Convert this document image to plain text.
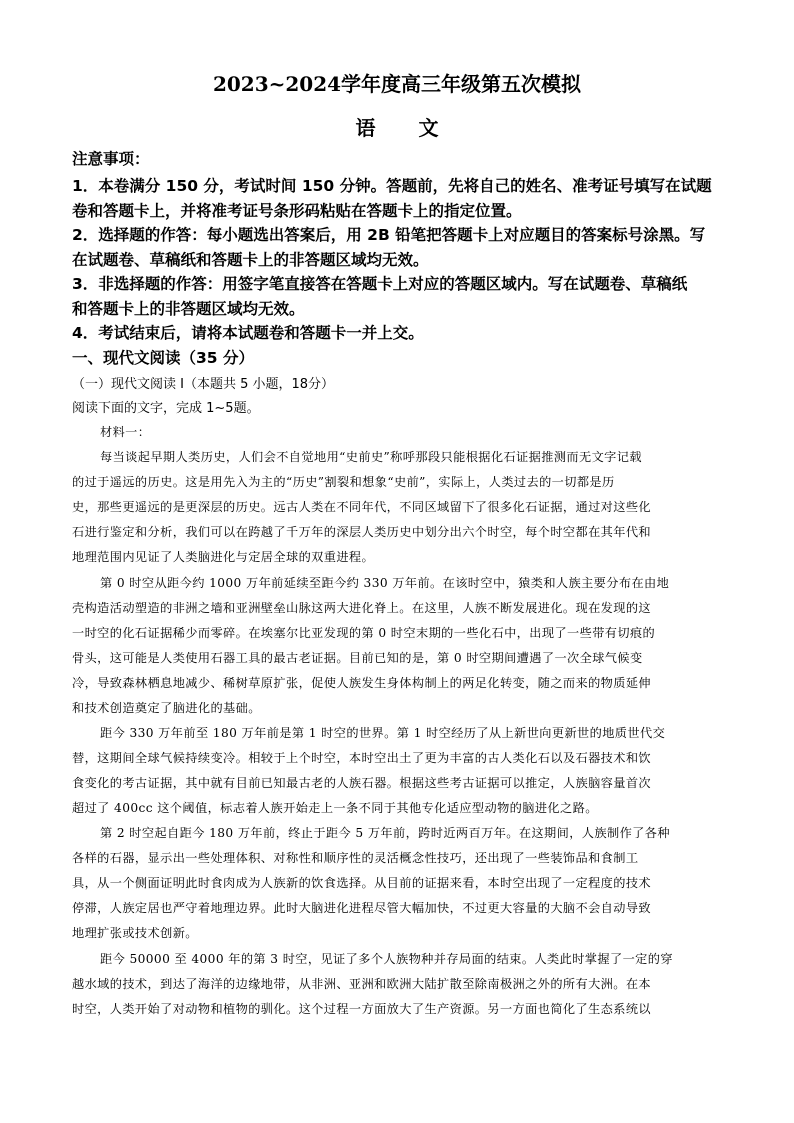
2023~2024学年度高三年级第五次模拟
语 文
注意事项：
1．本卷满分 150 分，考试时间 150 分钟。答题前，先将自己的姓名、准考证号填写在试题
卷和答题卡上，并将准考证号条形码粘贴在答题卡上的指定位置。
2．选择题的作答：每小题选出答案后，用 2B 铅笔把答题卡上对应题目的答案标号涂黑。写
在试题卷、草稿纸和答题卡上的非答题区域均无效。
3．非选择题的作答：用签字笔直接答在答题卡上对应的答题区域内。写在试题卷、草稿纸
和答题卡上的非答题区域均无效。
4．考试结束后，请将本试题卷和答题卡一并上交。
一、现代文阅读（35 分）
（一）现代文阅读 I（本题共 5 小题，18分）
阅读下面的文字，完成 1~5题。
材料一：
每当谈起早期人类历史，人们会不自觉地用“史前史”称呼那段只能根据化石证据推测而无文字记载
的过于遥远的历史。这是用先入为主的“历史”割裂和想象“史前”，实际上，人类过去的一切都是历
史，那些更遥远的是更深层的历史。远古人类在不同年代，不同区域留下了很多化石证据，通过对这些化
石进行鉴定和分析，我们可以在跨越了千万年的深层人类历史中划分出六个时空，每个时空都在其年代和
地理范围内见证了人类脑进化与定居全球的双重进程。
第 0 时空从距今约 1000 万年前延续至距今约 330 万年前。在该时空中，猿类和人族主要分布在由地
壳构造活动塑造的非洲之墙和亚洲壁垒山脉这两大进化脊上。在这里，人族不断发展进化。现在发现的这
一时空的化石证据稀少而零碎。在埃塞尔比亚发现的第 0 时空末期的一些化石中，出现了一些带有切痕的
骨头，这可能是人类使用石器工具的最古老证据。目前已知的是，第 0 时空期间遭遇了一次全球气候变
冷，导致森林栖息地减少、稀树草原扩张，促使人族发生身体构制上的两足化转变，随之而来的物质延伸
和技术创造奠定了脑进化的基础。
距今 330 万年前至 180 万年前是第 1 时空的世界。第 1 时空经历了从上新世向更新世的地质世代交
替，这期间全球气候持续变冷。相较于上个时空，本时空出土了更为丰富的古人类化石以及石器技术和饮
食变化的考古证据，其中就有目前已知最古老的人族石器。根据这些考古证据可以推定，人族脑容量首次
超过了 400cc 这个阈值，标志着人族开始走上一条不同于其他专化适应型动物的脑进化之路。
第 2 时空起自距今 180 万年前，终止于距今 5 万年前，跨时近两百万年。在这期间，人族制作了各种
各样的石器，显示出一些处理体积、对称性和顺序性的灵活概念性技巧，还出现了一些装饰品和食制工
具，从一个侧面证明此时食肉成为人族新的饮食选择。从目前的证据来看，本时空出现了一定程度的技术
停滞，人族定居也严守着地理边界。此时大脑进化进程尽管大幅加快，不过更大容量的大脑不会自动导致
地理扩张或技术创新。
距今 50000 至 4000 年的第 3 时空，见证了多个人族物种并存局面的结束。人类此时掌握了一定的穿
越水域的技术，到达了海洋的边缘地带，从非洲、亚洲和欧洲大陆扩散至除南极洲之外的所有大洲。在本
时空，人类开始了对动物和植物的驯化。这个过程一方面放大了生产资源。另一方面也简化了生态系统以
